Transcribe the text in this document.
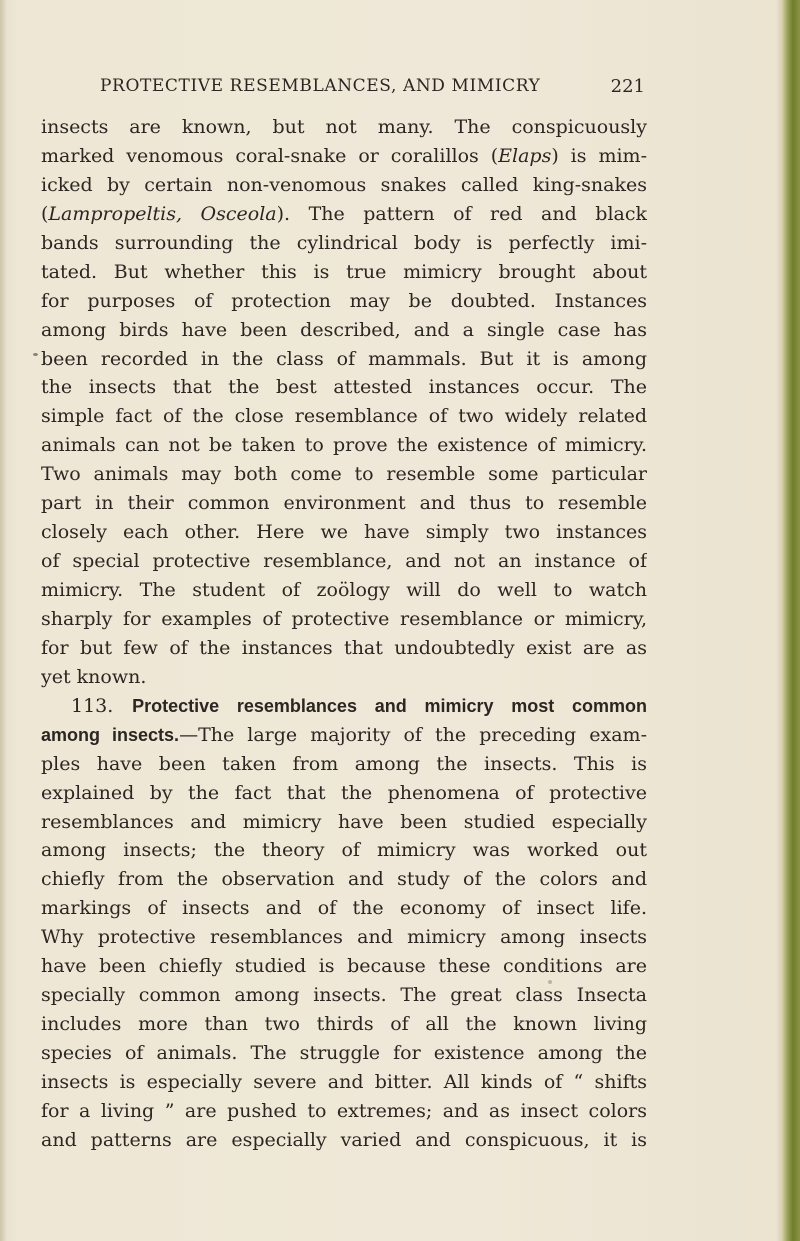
PROTECTIVE RESEMBLANCES, AND MIMICRY	221
insects are known, but not many. The conspicuously
marked venomous coral-snake or coralillos (Elaps) is mim-
icked by certain non-venomous snakes called king-snakes
(Lampropeltis, Osceola). The pattern of red and black
bands surrounding the cylindrical body is perfectly imi-
tated. But whether this is true mimicry brought about
for purposes of protection may be doubted. Instances
among birds have been described, and a single case has
been recorded in the class of mammals. But it is among
the insects that the best attested instances occur. The
simple fact of the close resemblance of two widely related
animals can not be taken to prove the existence of mimicry.
Two animals may both come to resemble some particular
part in their common environment and thus to resemble
closely each other. Here we have simply two instances
of special protective resemblance, and not an instance of
mimicry. The student of zoölogy will do well to watch
sharply for examples of protective resemblance or mimicry,
for but few of the instances that undoubtedly exist are as
yet known.
113. Protective resemblances and mimicry most common
among insects.—The large majority of the preceding exam-
ples have been taken from among the insects. This is
explained by the fact that the phenomena of protective
resemblances and mimicry have been studied especially
among insects; the theory of mimicry was worked out
chiefly from the observation and study of the colors and
markings of insects and of the economy of insect life.
Why protective resemblances and mimicry among insects
have been chiefly studied is because these conditions are
specially common among insects. The great class Insecta
includes more than two thirds of all the known living
species of animals. The struggle for existence among the
insects is especially severe and bitter. All kinds of “ shifts
for a living ” are pushed to extremes; and as insect colors
and patterns are especially varied and conspicuous, it is
